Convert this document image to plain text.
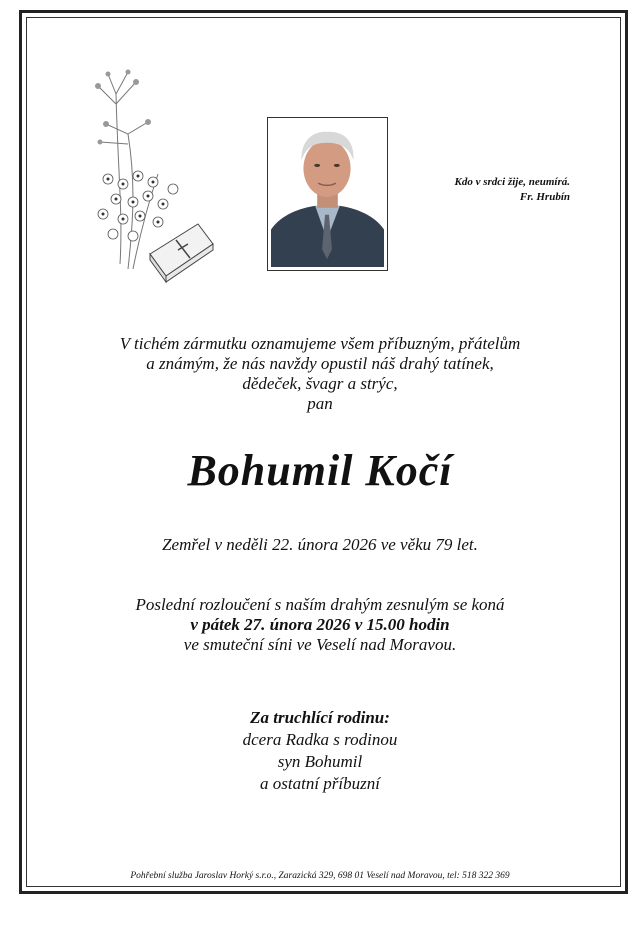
Kdo v srdci žije, neumírá.
Fr. Hrubín
V tichém zármutku oznamujeme všem příbuzným, přátelům
a známým, že nás navždy opustil náš drahý tatínek,
dědeček, švagr a strýc,
pan
Bohumil Kočí
Zemřel v neděli 22. února 2026 ve věku 79 let.
Poslední rozloučení s naším drahým zesnulým se koná
v pátek 27. února 2026 v 15.00 hodin
ve smuteční síni ve Veselí nad Moravou.
Za truchlící rodinu:
dcera Radka s rodinou
syn Bohumil
a ostatní příbuzní
Pohřební služba Jaroslav Horký s.r.o., Zarazická 329, 698 01 Veselí nad Moravou, tel: 518 322 369
